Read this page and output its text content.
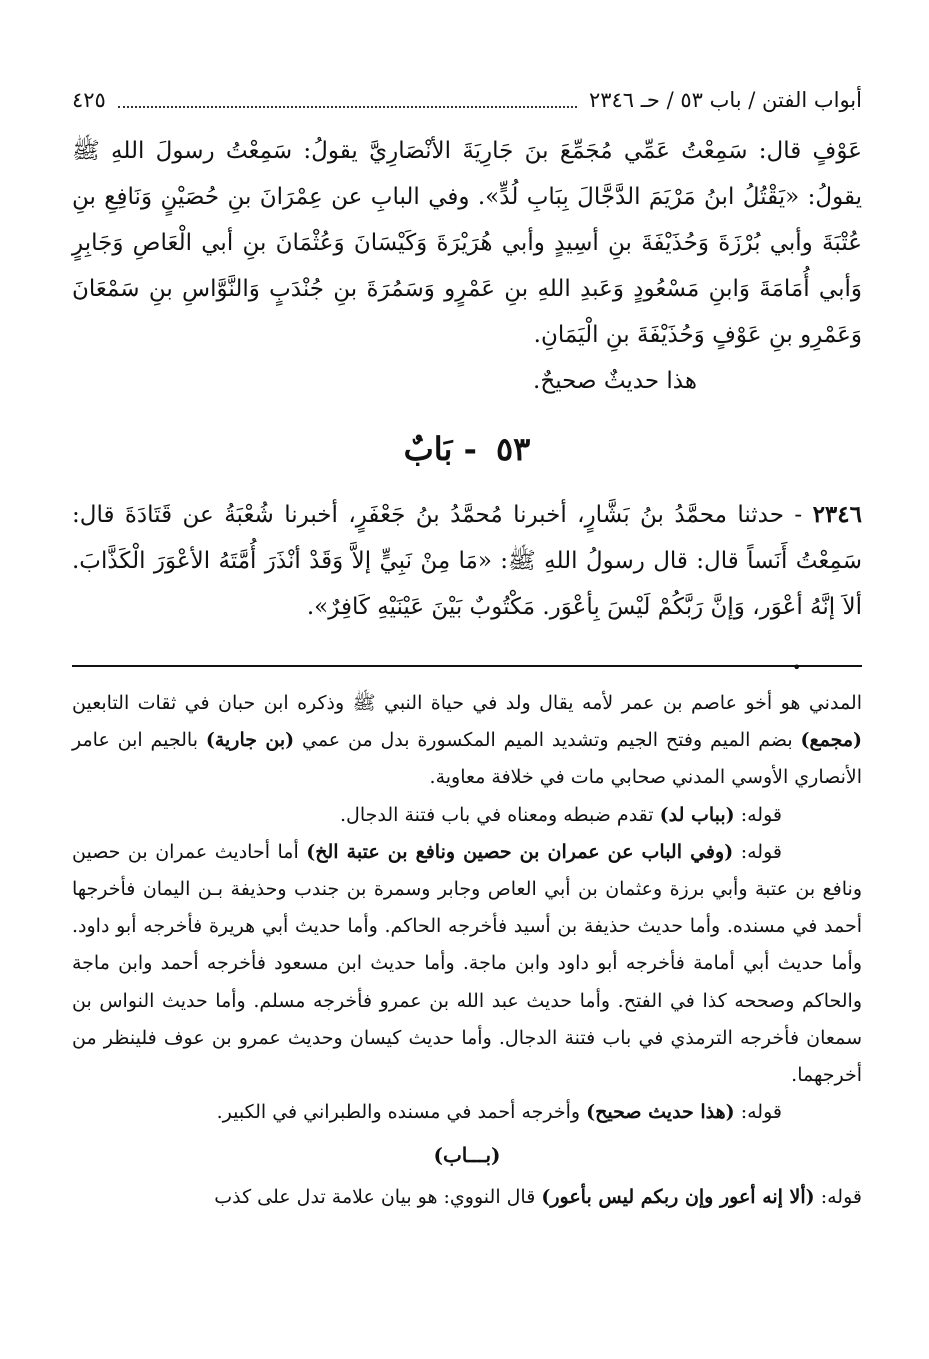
أبواب الفتن / باب ٥٣ / حـ ٢٣٤٦
٤٢٥

عَوْفٍ قال: سَمِعْتُ عَمِّي مُجَمِّعَ بنَ جَارِيَةَ الأنْصَارِيَّ يقولُ: سَمِعْتُ رسولَ اللهِ ﷺ يقولُ: «يَقْتُلُ ابنُ مَرْيَمَ الدَّجَّالَ بِبَابِ لُدٍّ». وفي البابِ عن عِمْرَانَ بنِ حُصَيْنٍ وَنَافِعِ بنِ عُتْبَةَ وأبي بُرْزَةَ وَحُذَيْفَةَ بنِ أسِيدٍ وأبي هُرَيْرَةَ وَكَيْسَانَ وَعُثْمَانَ بنِ أبي الْعَاصِ وَجَابِرٍ وَأبي أُمَامَةَ وَابنِ مَسْعُودٍ وَعَبدِ اللهِ بنِ عَمْرٍو وَسَمُرَةَ بنِ جُنْدَبٍ وَالنَّوَّاسِ بنِ سَمْعَانَ وَعَمْرِو بنِ عَوْفٍ وَحُذَيْفَةَ بنِ الْيَمَانِ.

هذا حديثٌ صحيحٌ.

٥٣ - بَابٌ

٢٣٤٦ - حدثنا محمَّدُ بنُ بَشَّارٍ، أخبرنا مُحمَّدُ بنُ جَعْفَرٍ، أخبرنا شُعْبَةُ عن قَتَادَةَ قال: سَمِعْتُ أَنَساً قال: قال رسولُ اللهِ ﷺ: «مَا مِنْ نَبِيٍّ إلاَّ وَقَدْ أنْذَرَ أُمَّتَهُ الأعْوَرَ الْكَذَّابَ. ألاَ إنَّهُ أعْوَر، وَإنَّ رَبَّكُمْ لَيْسَ بِأعْوَر. مَكْتُوبٌ بَيْنَ عَيْنَيْهِ كَافِرٌ».

•

المدني هو أخو عاصم بن عمر لأمه يقال ولد في حياة النبي ﷺ وذكره ابن حبان في ثقات التابعين (مجمع) بضم الميم وفتح الجيم وتشديد الميم المكسورة بدل من عمي (بن جارية) بالجيم ابن عامر الأنصاري الأوسي المدني صحابي مات في خلافة معاوية.

قوله: (بباب لد) تقدم ضبطه ومعناه في باب فتنة الدجال.

قوله: (وفي الباب عن عمران بن حصين ونافع بن عتبة الخ) أما أحاديث عمران بن حصين ونافع بن عتبة وأبي برزة وعثمان بن أبي العاص وجابر وسمرة بن جندب وحذيفة بـن اليمان فأخرجها أحمد في مسنده. وأما حديث حذيفة بن أسيد فأخرجه الحاكم. وأما حديث أبي هريرة فأخرجه أبو داود. وأما حديث أبي أمامة فأخرجه أبو داود وابن ماجة. وأما حديث ابن مسعود فأخرجه أحمد وابن ماجة والحاكم وصححه كذا في الفتح. وأما حديث عبد الله بن عمرو فأخرجه مسلم. وأما حديث النواس بن سمعان فأخرجه الترمذي في باب فتنة الدجال. وأما حديث كيسان وحديث عمرو بن عوف فلينظر من أخرجهما.

قوله: (هذا حديث صحيح) وأخرجه أحمد في مسنده والطبراني في الكبير.

(بـــاب)

قوله: (ألا إنه أعور وإن ربكم ليس بأعور) قال النووي: هو بيان علامة تدل على كذب
